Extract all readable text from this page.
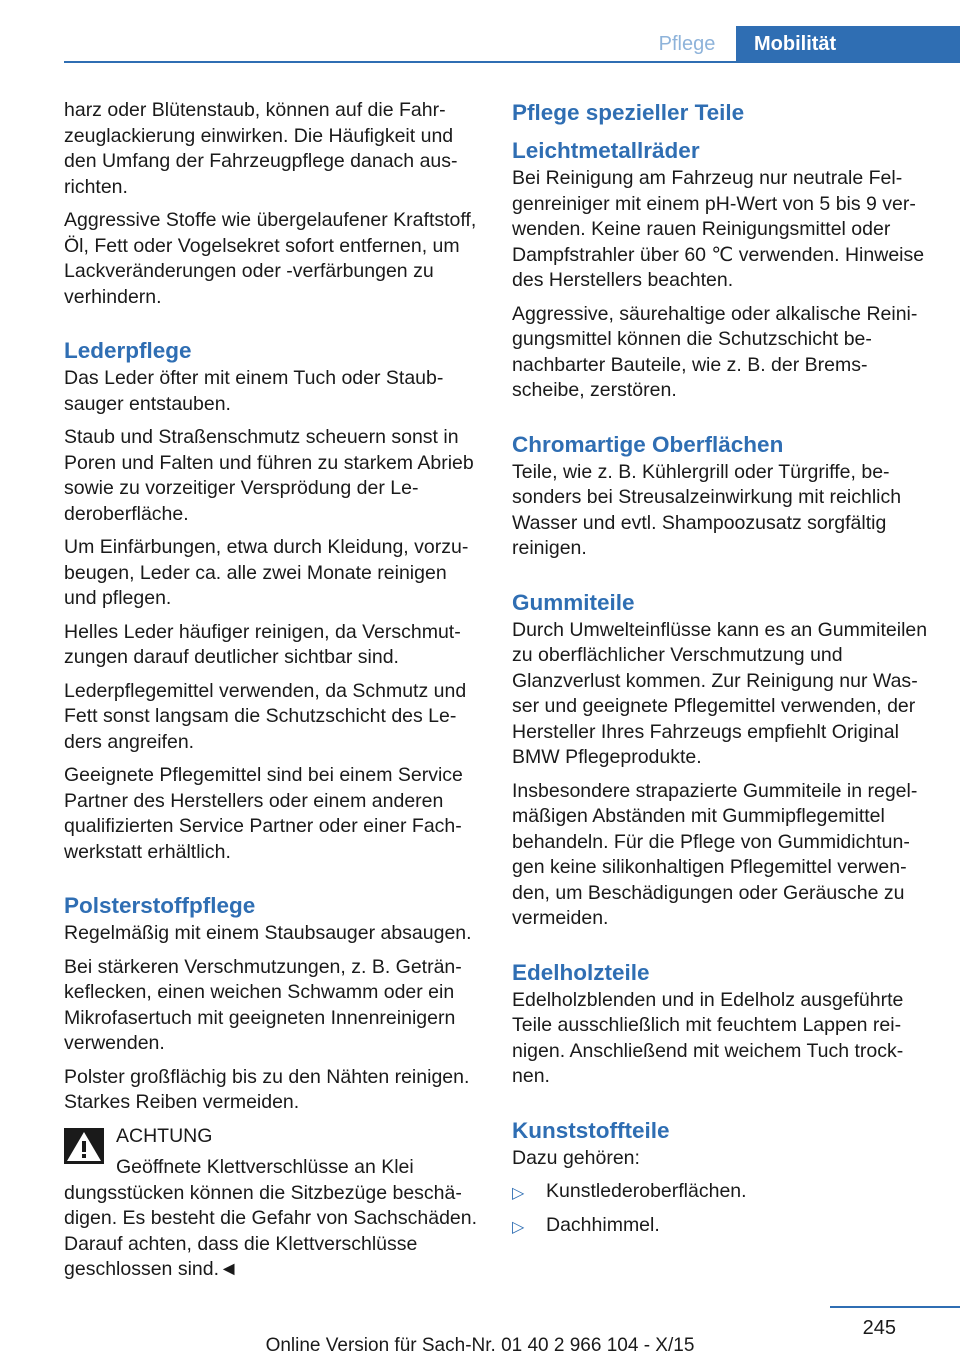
Pflege	Mobilität

harz oder Blütenstaub, können auf die Fahrzeuglackierung einwirken. Die Häufigkeit und den Umfang der Fahrzeugpflege danach ausrichten.

Aggressive Stoffe wie übergelaufener Kraftstoff, Öl, Fett oder Vogelsekret sofort entfernen, um Lackveränderungen oder -verfärbungen zu verhindern.

Lederpflege

Das Leder öfter mit einem Tuch oder Staubsauger entstauben.

Staub und Straßenschmutz scheuern sonst in Poren und Falten und führen zu starkem Abrieb sowie zu vorzeitiger Versprödung der Lederoberfläche.

Um Einfärbungen, etwa durch Kleidung, vorzubeugen, Leder ca. alle zwei Monate reinigen und pflegen.

Helles Leder häufiger reinigen, da Verschmutzungen darauf deutlicher sichtbar sind.

Lederpflegemittel verwenden, da Schmutz und Fett sonst langsam die Schutzschicht des Leders angreifen.

Geeignete Pflegemittel sind bei einem Service Partner des Herstellers oder einem anderen qualifizierten Service Partner oder einer Fachwerkstatt erhältlich.

Polsterstoffpflege

Regelmäßig mit einem Staubsauger absaugen.

Bei stärkeren Verschmutzungen, z. B. Getränkeflecken, einen weichen Schwamm oder ein Mikrofasertuch mit geeigneten Innenreinigern verwenden.

Polster großflächig bis zu den Nähten reinigen. Starkes Reiben vermeiden.

ACHTUNG
Geöffnete Klettverschlüsse an Klei
dungsstücken können die Sitzbezüge beschädigen. Es besteht die Gefahr von Sachschäden. Darauf achten, dass die Klettverschlüsse geschlossen sind.◄
Pflege spezieller Teile
Leichtmetallräder

Bei Reinigung am Fahrzeug nur neutrale Felgenreiniger mit einem pH-Wert von 5 bis 9 verwenden. Keine rauen Reinigungsmittel oder Dampfstrahler über 60 ℃ verwenden. Hinweise des Herstellers beachten.

Aggressive, säurehaltige oder alkalische Reinigungsmittel können die Schutzschicht benachbarter Bauteile, wie z. B. der Bremsscheibe, zerstören.

Chromartige Oberflächen

Teile, wie z. B. Kühlergrill oder Türgriffe, besonders bei Streusalzeinwirkung mit reichlich Wasser und evtl. Shampoozusatz sorgfältig reinigen.

Gummiteile

Durch Umwelteinflüsse kann es an Gummiteilen zu oberflächlicher Verschmutzung und Glanzverlust kommen. Zur Reinigung nur Wasser und geeignete Pflegemittel verwenden, der Hersteller Ihres Fahrzeugs empfiehlt Original BMW Pflegeprodukte.

Insbesondere strapazierte Gummiteile in regelmäßigen Abständen mit Gummipflegemittel behandeln. Für die Pflege von Gummidichtungen keine silikonhaltigen Pflegemittel verwenden, um Beschädigungen oder Geräusche zu vermeiden.

Edelholzteile

Edelholzblenden und in Edelholz ausgeführte Teile ausschließlich mit feuchtem Lappen reinigen. Anschließend mit weichem Tuch trocknen.

Kunststoffteile

Dazu gehören:

▷ Kunstlederoberflächen.
▷ Dachhimmel.
245
Online Version für Sach-Nr. 01 40 2 966 104 - X/15
